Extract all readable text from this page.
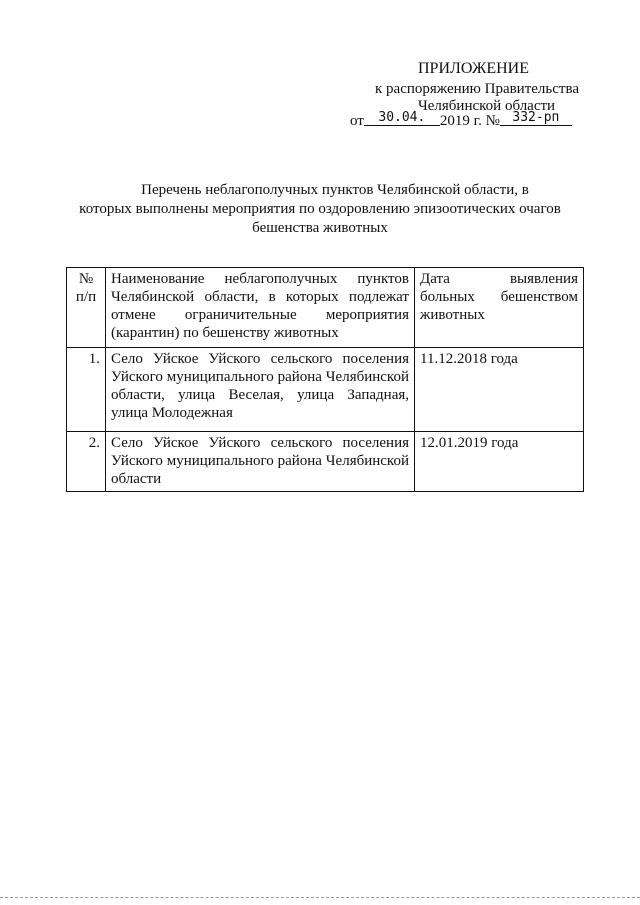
ПРИЛОЖЕНИЕ
к распоряжению Правительства
Челябинской области
от 30.04. 2019 г. № 332-рп
Перечень неблагополучных пунктов Челябинской области, в
которых выполнены мероприятия по оздоровлению эпизоотических очагов
бешенства животных
№ п/п	Наименование неблагополучных пунктов Челябинской области, в которых подлежат отмене ограничительные мероприятия (карантин) по бешенству животных	Дата выявления больных бешенством животных
1.	Село Уйское Уйского сельского поселения Уйского муниципального района Челябинской области, улица Веселая, улица Западная, улица Молодежная	11.12.2018 года
2.	Село Уйское Уйского сельского поселения Уйского муниципального района Челябинской области	12.01.2019 года
